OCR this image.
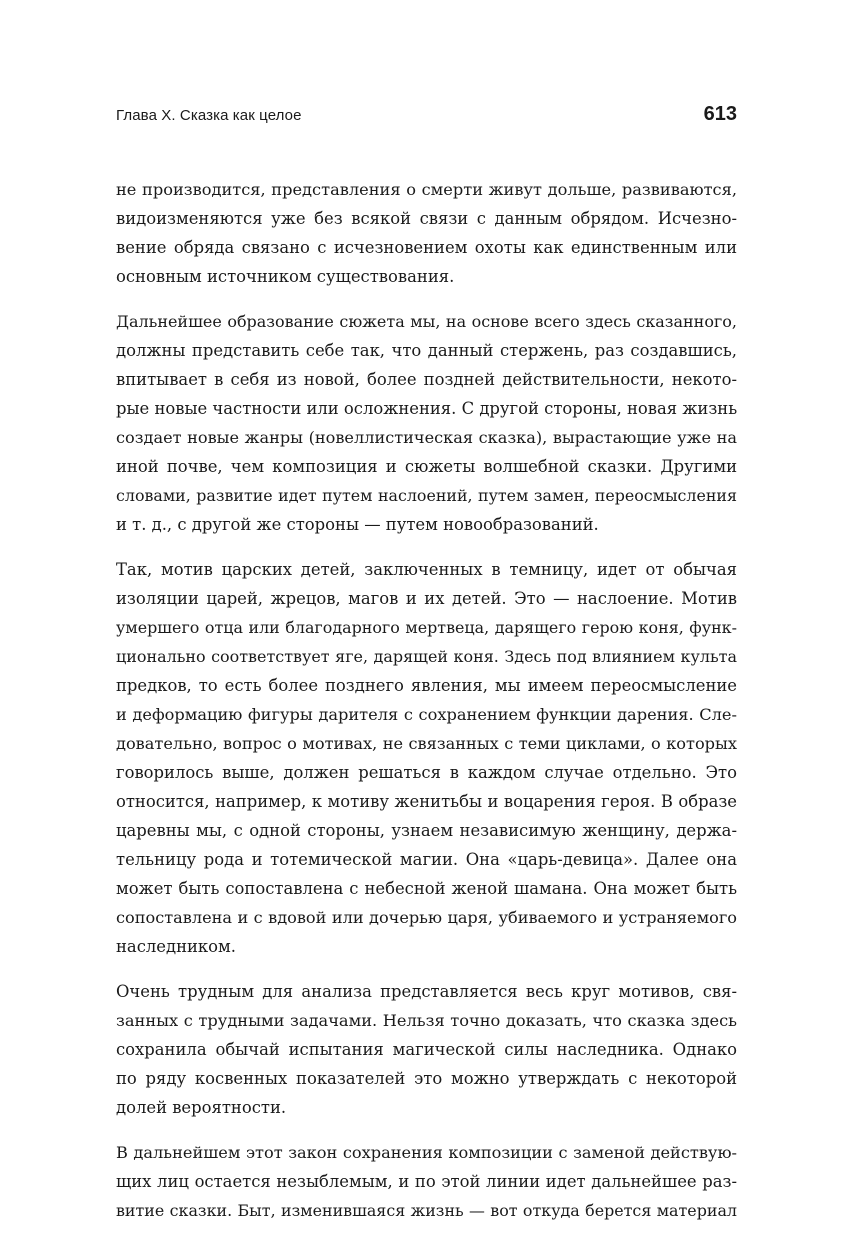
Глава X. Сказка как целое	613
не производится, представления о смерти живут дольше, развиваются,
видоизменяются уже без всякой связи с данным обрядом. Исчезно-
вение обряда связано с исчезновением охоты как единственным или
основным источником существования.
Дальнейшее образование сюжета мы, на основе всего здесь сказанного,
должны представить себе так, что данный стержень, раз создавшись,
впитывает в себя из новой, более поздней действительности, некото-
рые новые частности или осложнения. С другой стороны, новая жизнь
создает новые жанры (новеллистическая сказка), вырастающие уже на
иной почве, чем композиция и сюжеты волшебной сказки. Другими
словами, развитие идет путем наслоений, путем замен, переосмысления
и т. д., с другой же стороны — путем новообразований.
Так, мотив царских детей, заключенных в темницу, идет от обычая
изоляции царей, жрецов, магов и их детей. Это — наслоение. Мотив
умершего отца или благодарного мертвеца, дарящего герою коня, функ-
ционально соответствует яге, дарящей коня. Здесь под влиянием культа
предков, то есть более позднего явления, мы имеем переосмысление
и деформацию фигуры дарителя с сохранением функции дарения. Сле-
довательно, вопрос о мотивах, не связанных с теми циклами, о которых
говорилось выше, должен решаться в каждом случае отдельно. Это
относится, например, к мотиву женитьбы и воцарения героя. В образе
царевны мы, с одной стороны, узнаем независимую женщину, держа-
тельницу рода и тотемической магии. Она «царь-девица». Далее она
может быть сопоставлена с небесной женой шамана. Она может быть
сопоставлена и с вдовой или дочерью царя, убиваемого и устраняемого
наследником.
Очень трудным для анализа представляется весь круг мотивов, свя-
занных с трудными задачами. Нельзя точно доказать, что сказка здесь
сохранила обычай испытания магической силы наследника. Однако
по ряду косвенных показателей это можно утверждать с некоторой
долей вероятности.
В дальнейшем этот закон сохранения композиции с заменой действую-
щих лиц остается незыблемым, и по этой линии идет дальнейшее раз-
витие сказки. Быт, изменившаяся жизнь — вот откуда берется материал
